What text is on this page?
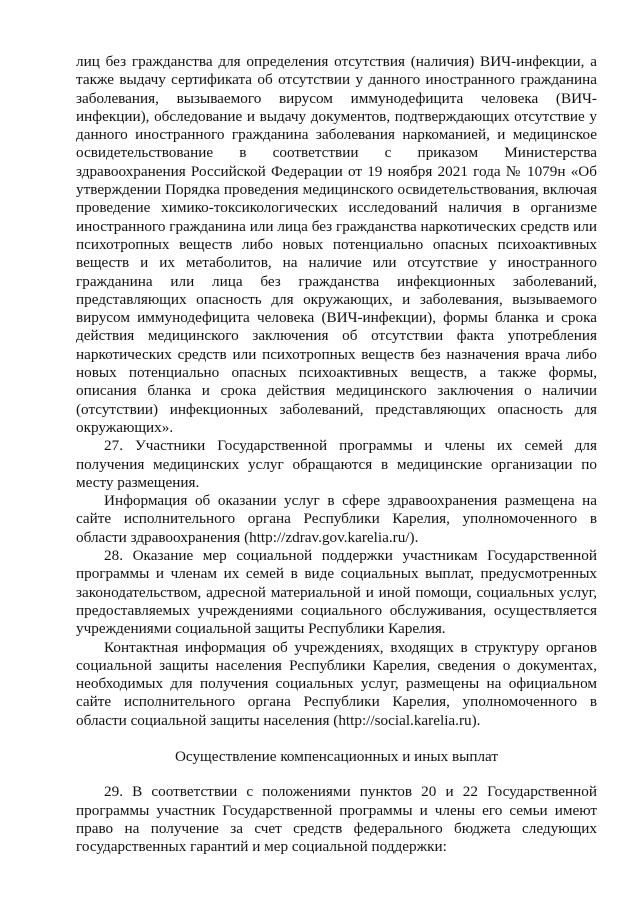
лиц без гражданства для определения отсутствия (наличия) ВИЧ-инфекции, а также выдачу сертификата об отсутствии у данного иностранного гражданина заболевания, вызываемого вирусом иммунодефицита человека (ВИЧ-инфекции), обследование и выдачу документов, подтверждающих отсутствие у данного иностранного гражданина заболевания наркоманией, и медицинское освидетельствование в соответствии с приказом Министерства здравоохранения Российской Федерации от 19 ноября 2021 года № 1079н «Об утверждении Порядка проведения медицинского освидетельствования, включая проведение химико-токсикологических исследований наличия в организме иностранного гражданина или лица без гражданства наркотических средств или психотропных веществ либо новых потенциально опасных психоактивных веществ и их метаболитов, на наличие или отсутствие у иностранного гражданина или лица без гражданства инфекционных заболеваний, представляющих опасность для окружающих, и заболевания, вызываемого вирусом иммунодефицита человека (ВИЧ-инфекции), формы бланка и срока действия медицинского заключения об отсутствии факта употребления наркотических средств или психотропных веществ без назначения врача либо новых потенциально опасных психоактивных веществ, а также формы, описания бланка и срока действия медицинского заключения о наличии (отсутствии) инфекционных заболеваний, представляющих опасность для окружающих».

27. Участники Государственной программы и члены их семей для получения медицинских услуг обращаются в медицинские организации по месту размещения.

Информация об оказании услуг в сфере здравоохранения размещена на сайте исполнительного органа Республики Карелия, уполномоченного в области здравоохранения (http://zdrav.gov.karelia.ru/).

28. Оказание мер социальной поддержки участникам Государственной программы и членам их семей в виде социальных выплат, предусмотренных законодательством, адресной материальной и иной помощи, социальных услуг, предоставляемых учреждениями социального обслуживания, осуществляется учреждениями социальной защиты Республики Карелия.

Контактная информация об учреждениях, входящих в структуру органов социальной защиты населения Республики Карелия, сведения о документах, необходимых для получения социальных услуг, размещены на официальном сайте исполнительного органа Республики Карелия, уполномоченного в области социальной защиты населения (http://social.karelia.ru).

Осуществление компенсационных и иных выплат

29. В соответствии с положениями пунктов 20 и 22 Государственной программы участник Государственной программы и члены его семьи имеют право на получение за счет средств федерального бюджета следующих государственных гарантий и мер социальной поддержки:
